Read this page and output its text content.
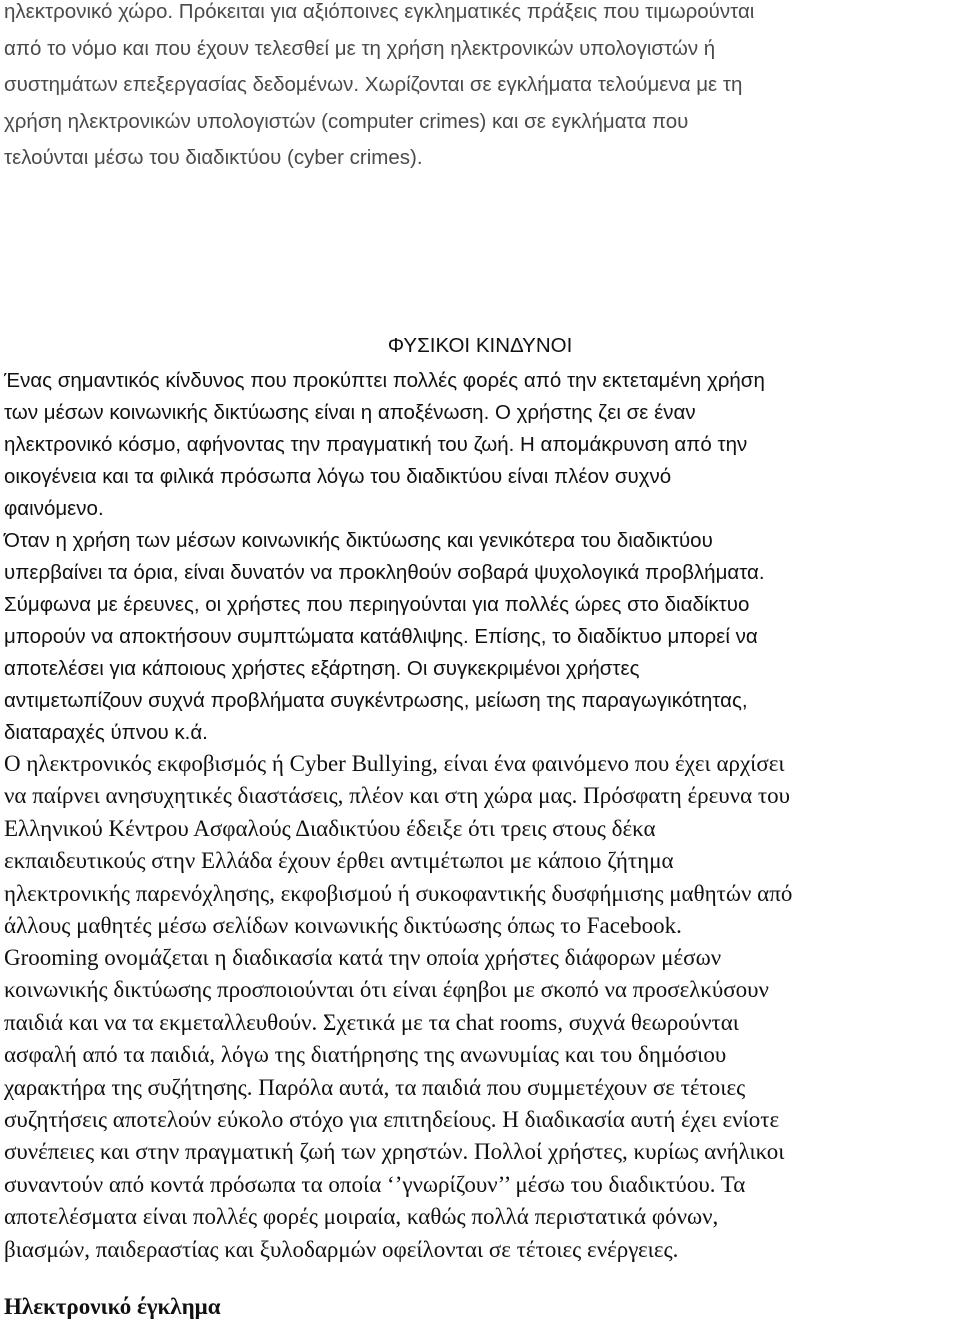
ηλεκτρονικό χώρο. Πρόκειται για αξιόποινες εγκληματικές πράξεις που τιμωρούνται
από το νόμο και που έχουν τελεσθεί με τη χρήση ηλεκτρονικών υπολογιστών ή
συστημάτων επεξεργασίας δεδομένων. Χωρίζονται σε εγκλήματα τελούμενα με τη
χρήση ηλεκτρονικών υπολογιστών (computer crimes) και σε εγκλήματα που
τελούνται μέσω του διαδικτύου (cyber crimes).

ΦΥΣΙΚΟΙ ΚΙΝΔΥΝΟΙ

Ένας σημαντικός κίνδυνος που προκύπτει πολλές φορές από την εκτεταμένη χρήση
των μέσων κοινωνικής δικτύωσης είναι η αποξένωση. Ο χρήστης ζει σε έναν
ηλεκτρονικό κόσμο, αφήνοντας την πραγματική του ζωή. Η απομάκρυνση από την
οικογένεια και τα φιλικά πρόσωπα λόγω του διαδικτύου είναι πλέον συχνό
φαινόμενο.

Όταν η χρήση των μέσων κοινωνικής δικτύωσης και γενικότερα του διαδικτύου
υπερβαίνει τα όρια, είναι δυνατόν να προκληθούν σοβαρά ψυχολογικά προβλήματα.
Σύμφωνα με έρευνες, οι χρήστες που περιηγούνται για πολλές ώρες στο διαδίκτυο
μπορούν να αποκτήσουν συμπτώματα κατάθλιψης. Επίσης, το διαδίκτυο μπορεί να
αποτελέσει για κάποιους χρήστες εξάρτηση. Οι συγκεκριμένοι χρήστες
αντιμετωπίζουν συχνά προβλήματα συγκέντρωσης, μείωση της παραγωγικότητας,
διαταραχές ύπνου κ.ά.

Ο ηλεκτρονικός εκφοβισμός ή Cyber Bullying, είναι ένα φαινόμενο που έχει αρχίσει
να παίρνει ανησυχητικές διαστάσεις, πλέον και στη χώρα μας. Πρόσφατη έρευνα του
Ελληνικού Κέντρου Ασφαλούς Διαδικτύου έδειξε ότι τρεις στους δέκα
εκπαιδευτικούς στην Ελλάδα έχουν έρθει αντιμέτωποι με κάποιο ζήτημα
ηλεκτρονικής παρενόχλησης, εκφοβισμού ή συκοφαντικής δυσφήμισης μαθητών από
άλλους μαθητές μέσω σελίδων κοινωνικής δικτύωσης όπως το Facebook.

Grooming ονομάζεται η διαδικασία κατά την οποία χρήστες διάφορων μέσων
κοινωνικής δικτύωσης προσποιούνται ότι είναι έφηβοι με σκοπό να προσελκύσουν
παιδιά και να τα εκμεταλλευθούν. Σχετικά με τα chat rooms, συχνά θεωρούνται
ασφαλή από τα παιδιά, λόγω της διατήρησης της ανωνυμίας και του δημόσιου
χαρακτήρα της συζήτησης. Παρόλα αυτά, τα παιδιά που συμμετέχουν σε τέτοιες
συζητήσεις αποτελούν εύκολο στόχο για επιτηδείους. Η διαδικασία αυτή έχει ενίοτε
συνέπειες και στην πραγματική ζωή των χρηστών. Πολλοί χρήστες, κυρίως ανήλικοι
συναντούν από κοντά πρόσωπα τα οποία ‘’γνωρίζουν’’ μέσω του διαδικτύου. Τα
αποτελέσματα είναι πολλές φορές μοιραία, καθώς πολλά περιστατικά φόνων,
βιασμών, παιδεραστίας και ξυλοδαρμών οφείλονται σε τέτοιες ενέργειες.

Ηλεκτρονικό έγκλημα
